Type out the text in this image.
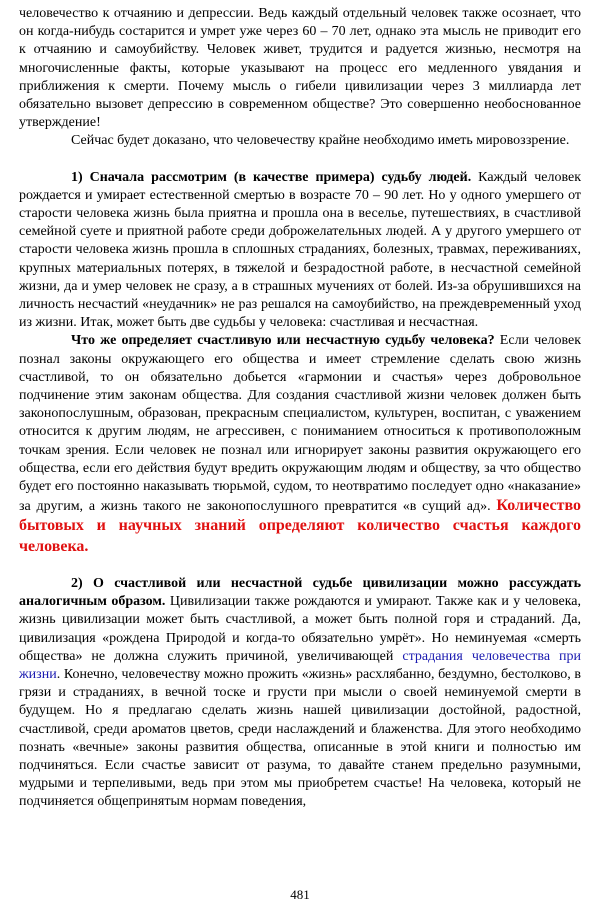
человечество к отчаянию и депрессии. Ведь каждый отдельный человек также осознает, что он когда-нибудь состарится и умрет уже через 60 – 70 лет, однако эта мысль не приводит его к отчаянию и самоубийству. Человек живет, трудится и радуется жизнью, несмотря на многочисленные факты, которые указывают на процесс его медленного увядания и приближения к смерти. Почему мысль о гибели цивилизации через 3 миллиарда лет обязательно вызовет депрессию в современном обществе? Это совершенно необоснованное утверждение!

Сейчас будет доказано, что человечеству крайне необходимо иметь мировоззрение.

1) Сначала рассмотрим (в качестве примера) судьбу людей. Каждый человек рождается и умирает естественной смертью в возрасте 70 – 90 лет. Но у одного умершего от старости человека жизнь была приятна и прошла она в веселье, путешествиях, в счастливой семейной суете и приятной работе среди доброжелательных людей. А у другого умершего от старости человека жизнь прошла в сплошных страданиях, болезных, травмах, переживаниях, крупных материальных потерях, в тяжелой и безрадостной работе, в несчастной семейной жизни, да и умер человек не сразу, а в страшных мучениях от болей. Из-за обрушившихся на личность несчастий «неудачник» не раз решался на самоубийство, на преждевременный уход из жизни. Итак, может быть две судьбы у человека: счастливая и несчастная.

Что же определяет счастливую или несчастную судьбу человека? Если человек познал законы окружающего его общества и имеет стремление сделать свою жизнь счастливой, то он обязательно добьется «гармонии и счастья» через добровольное подчинение этим законам общества. Для создания счастливой жизни человек должен быть законопослушным, образован, прекрасным специалистом, культурен, воспитан, с уважением относится к другим людям, не агрессивен, с пониманием относиться к противоположным точкам зрения. Если человек не познал или игнорирует законы развития окружающего его общества, если его действия будут вредить окружающим людям и обществу, за что общество будет его постоянно наказывать тюрьмой, судом, то неотвратимо последует одно «наказание» за другим, а жизнь такого не законопослушного превратится «в сущий ад». Количество бытовых и научных знаний определяют количество счастья каждого человека.

2) О счастливой или несчастной судьбе цивилизации можно рассуждать аналогичным образом. Цивилизации также рождаются и умирают. Также как и у человека, жизнь цивилизации может быть счастливой, а может быть полной горя и страданий. Да, цивилизация «рождена Природой и когда-то обязательно умрёт». Но неминуемая «смерть общества» не должна служить причиной, увеличивающей страдания человечества при жизни. Конечно, человечеству можно прожить «жизнь» расхлябанно, бездумно, бестолково, в грязи и страданиях, в вечной тоске и грусти при мысли о своей неминуемой смерти в будущем. Но я предлагаю сделать жизнь нашей цивилизации достойной, радостной, счастливой, среди ароматов цветов, среди наслаждений и блаженства. Для этого необходимо познать «вечные» законы развития общества, описанные в этой книги и полностью им подчиняться. Если счастье зависит от разума, то давайте станем предельно разумными, мудрыми и терпеливыми, ведь при этом мы приобретем счастье! На человека, который не подчиняется общепринятым нормам поведения,

481
